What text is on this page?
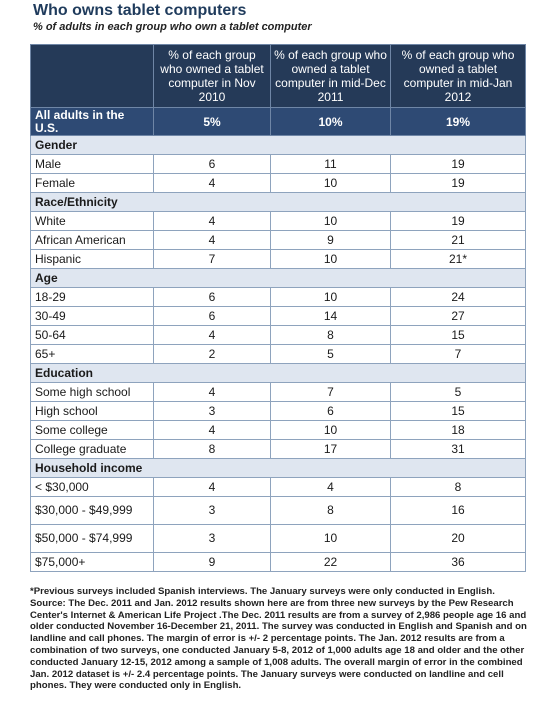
Who owns tablet computers
% of adults in each group who own a tablet computer
	% of each group who owned a tablet computer in Nov 2010	% of each group who owned a tablet computer in mid-Dec 2011	% of each group who owned a tablet computer in mid-Jan 2012
All adults in the U.S.	5%	10%	19%
Gender			
Male	6	11	19
Female	4	10	19
Race/Ethnicity			
White	4	10	19
African American	4	9	21
Hispanic	7	10	21*
Age			
18-29	6	10	24
30-49	6	14	27
50-64	4	8	15
65+	2	5	7
Education			
Some high school	4	7	5
High school	3	6	15
Some college	4	10	18
College graduate	8	17	31
Household income			
< $30,000	4	4	8
$30,000 - $49,999	3	8	16
$50,000 - $74,999	3	10	20
$75,000+	9	22	36
*Previous surveys included Spanish interviews. The January surveys were only conducted in English. Source: The Dec. 2011 and Jan. 2012 results shown here are from three new surveys by the Pew Research Center's Internet & American Life Project .The Dec. 2011 results are from a survey of 2,986 people age 16 and older conducted November 16-December 21, 2011. The survey was conducted in English and Spanish and on landline and call phones. The margin of error is +/- 2 percentage points. The Jan. 2012 results are from a combination of two surveys, one conducted January 5-8, 2012 of 1,000 adults age 18 and older and the other conducted January 12-15, 2012 among a sample of 1,008 adults. The overall margin of error in the combined Jan. 2012 dataset is +/- 2.4 percentage points. The January surveys were conducted on landline and cell phones. They were conducted only in English.
